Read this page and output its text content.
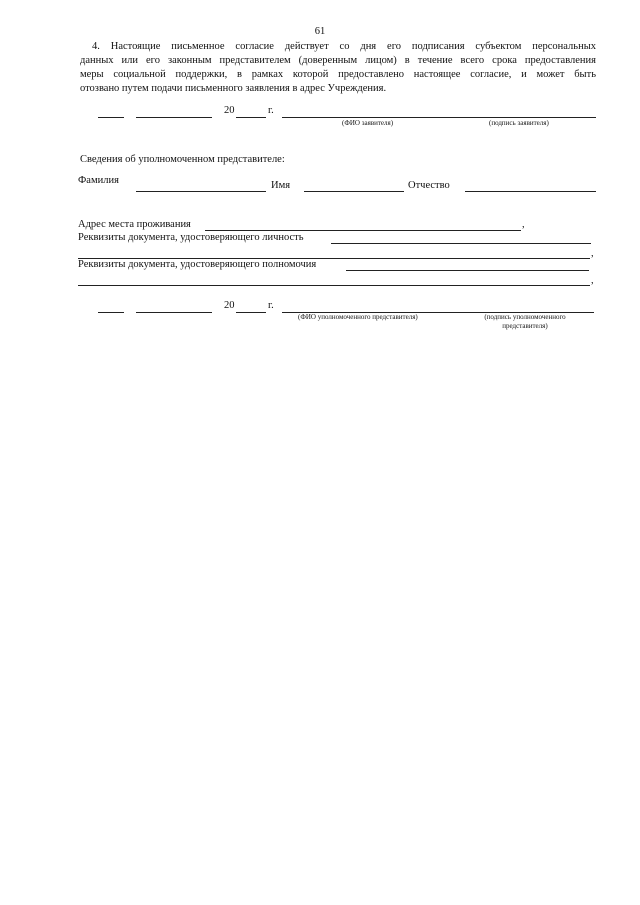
61
4. Настоящие письменное согласие действует со дня его подписания субъектом персональных
данных или его законным представителем (доверенным лицом) в течение всего срока предоставления
меры социальной поддержки, в рамках которой предоставлено настоящее согласие, и может быть
отозвано путем подачи письменного заявления в адрес Учреждения.
20	г.
(ФИО заявителя)	(подпись заявителя)
Сведения об уполномоченном представителе:
Фамилия	Имя	Отчество
Адрес места проживания	,
Реквизиты документа, удостоверяющего личность
,
Реквизиты документа, удостоверяющего полномочия
,
20	г.
(ФИО уполномоченного представителя)	(подпись уполномоченного
представителя)
